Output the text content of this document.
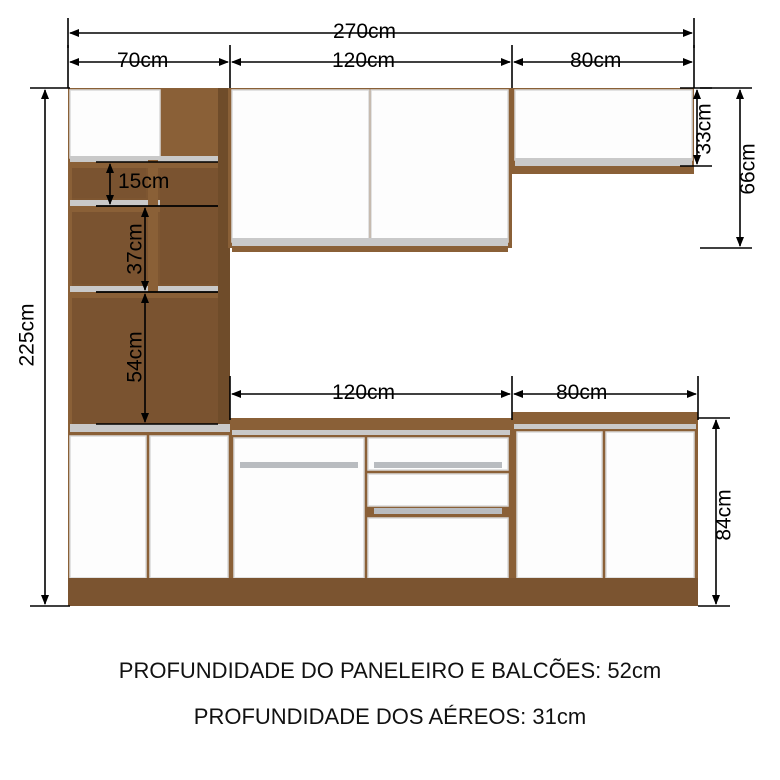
270cm
70cm	120cm	80cm
33cm
66cm
225cm
15cm
37cm
54cm
120cm	80cm
84cm
PROFUNDIDADE DO PANELEIRO E BALCÕES: 52cm
PROFUNDIDADE DOS AÉREOS: 31cm
